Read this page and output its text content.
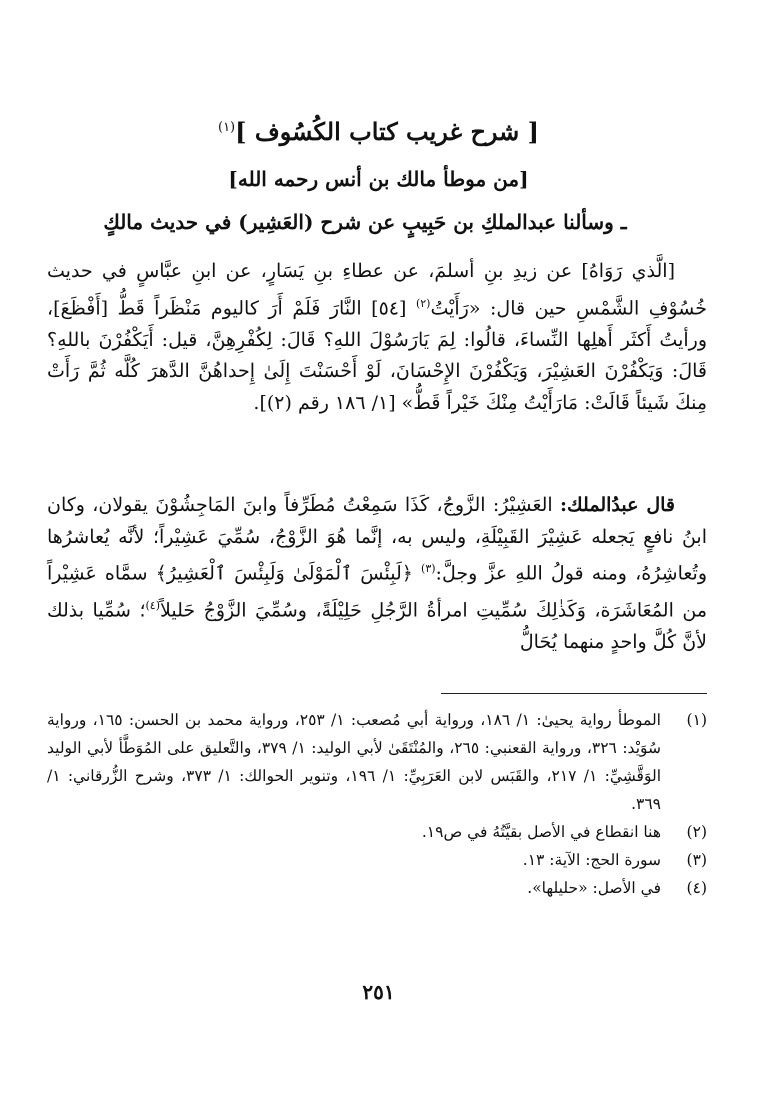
[ شرح غريب كتاب الكُسُوف ]$^{(١)}$
[من موطأ مالك بن أنس رحمه الله]
ـ وسألنا عبدالملكِ بن حَبِيبٍ عن شرح (العَشِير) في حديث مالكٍ
[الَّذي رَوَاهُ] عن زيدِ بنِ أسلمَ، عن عطاءِ بنِ يَسَارٍ، عن ابنِ عبَّاسٍ في حديث خُسُوْفِ الشَّمْسِ حين قال: «رَأَيْتُ$^{(٢)}$ [٥٤] النَّارَ فَلَمْ أَرَ كاليوم مَنْظَراً قَطُّ [أَفْظَعَ]، ورأيتُ أَكثَر أَهلِها النِّساءَ، قالُوا: لِمَ يَارَسُوْلَ اللهِ؟ قَالَ: لِكُفْرِهِنَّ، قيل: أَيَكْفُرْنَ باللهِ؟ قَالَ: وَيَكْفُرْنَ العَشِيْرَ، وَيَكْفُرْنَ الإِحْسَانَ، لَوْ أَحْسَنْتَ إِلَىٰ إِحداهُنَّ الدَّهرَ كُلَّه ثُمَّ رَأَتْ مِنكَ شَيئاً قَالَتْ: مَارَأَيْتُ مِنْكَ خَيْراً قَطُّ» [١/ ١٨٦ رقم (٢)].
قال عبدُالملك: العَشِيْرُ: الزَّوجُ، كَذَا سَمِعْتُ مُطَرِّفاً وابنَ المَاجِشُوْنَ يقولان، وكان ابنُ نافعٍ يَجعله عَشِيْرَ القَبِيْلَةِ، وليس به، إنَّما هُوَ الزَّوْجُ، سُمِّيَ عَشِيْراً؛ لأنَّه يُعاشرُها وتُعاشِرُهُ، ومنه قولُ اللهِ عزَّ وجلَّ:$^{(٣)}$ ﴿لَبِئْسَ ٱلْمَوْلَىٰ وَلَبِئْسَ ٱلْعَشِيرُ﴾ سمَّاه عَشِيْراً من المُعَاشَرَة، وَكَذٰلِكَ سُمِّيتِ امرأةُ الرَّجُلِ حَلِيْلَةً، وسُمِّيَ الزَّوْجُ حَليلاً$^{(٤)}$؛ سُمِّيا بذلك لأنَّ كُلَّ واحدٍ منهما يُحَالُّ
(١)
الموطأ رواية يحيىٰ: ١/ ١٨٦، ورواية أبي مُصعب: ١/ ٢٥٣، ورواية محمد بن الحسن: ١٦٥، ورواية سُوَيْد: ٣٢٦، ورواية القعنبي: ٢٦٥، والمُنْتَقَىٰ لأبي الوليد: ١/ ٣٧٩، والتَّعليق على المُوَطَّأ لأبي الوليد الوَقَّشِيِّ: ١/ ٢١٧، والقَبَس لابن العَرَبِيِّ: ١/ ١٩٦، وتنوير الحوالك: ١/ ٣٧٣، وشرح الزُّرقاني: ١/ ٣٦٩.
(٢)
هنا انقطاع في الأصل بقيَّتُهُ في ص١٩.
(٣)
سورة الحج: الآية: ١٣.
(٤)
في الأصل: «حليلها».
٢٥١
